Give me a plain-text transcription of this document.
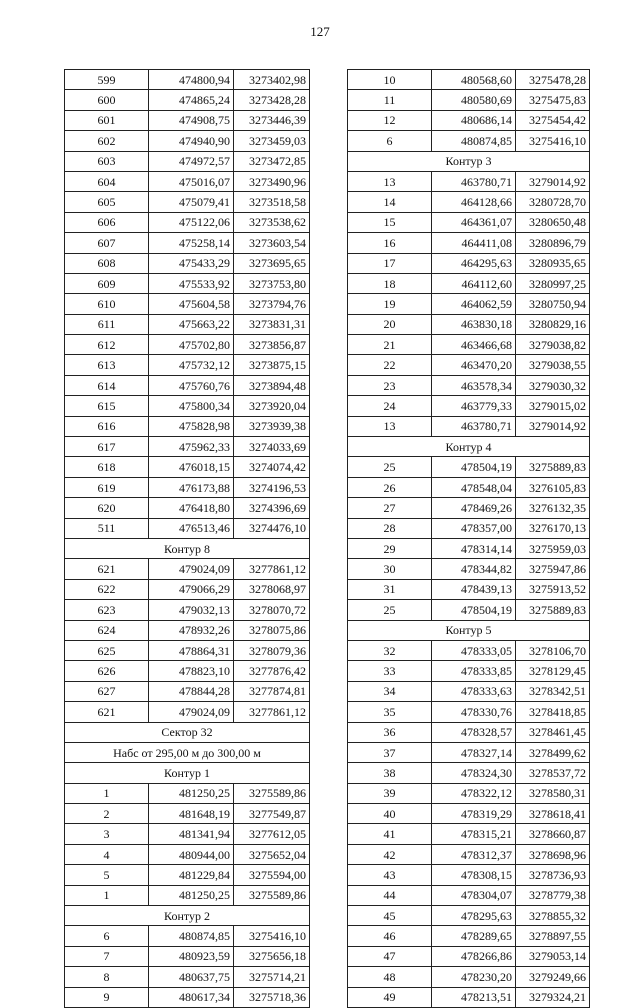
127
599	474800,94	3273402,98
600	474865,24	3273428,28
601	474908,75	3273446,39
602	474940,90	3273459,03
603	474972,57	3273472,85
604	475016,07	3273490,96
605	475079,41	3273518,58
606	475122,06	3273538,62
607	475258,14	3273603,54
608	475433,29	3273695,65
609	475533,92	3273753,80
610	475604,58	3273794,76
611	475663,22	3273831,31
612	475702,80	3273856,87
613	475732,12	3273875,15
614	475760,76	3273894,48
615	475800,34	3273920,04
616	475828,98	3273939,38
617	475962,33	3274033,69
618	476018,15	3274074,42
619	476173,88	3274196,53
620	476418,80	3274396,69
511	476513,46	3274476,10
Контур 8		
621	479024,09	3277861,12
622	479066,29	3278068,97
623	479032,13	3278070,72
624	478932,26	3278075,86
625	478864,31	3278079,36
626	478823,10	3277876,42
627	478844,28	3277874,81
621	479024,09	3277861,12
Сектор 32		
Набс от 295,00 м до 300,00 м		
Контур 1		
1	481250,25	3275589,86
2	481648,19	3277549,87
3	481341,94	3277612,05
4	480944,00	3275652,04
5	481229,84	3275594,00
1	481250,25	3275589,86
Контур 2		
6	480874,85	3275416,10
7	480923,59	3275656,18
8	480637,75	3275714,21
9	480617,34	3275718,36
10	480568,60	3275478,28
11	480580,69	3275475,83
12	480686,14	3275454,42
6	480874,85	3275416,10
Контур 3		
13	463780,71	3279014,92
14	464128,66	3280728,70
15	464361,07	3280650,48
16	464411,08	3280896,79
17	464295,63	3280935,65
18	464112,60	3280997,25
19	464062,59	3280750,94
20	463830,18	3280829,16
21	463466,68	3279038,82
22	463470,20	3279038,55
23	463578,34	3279030,32
24	463779,33	3279015,02
13	463780,71	3279014,92
Контур 4		
25	478504,19	3275889,83
26	478548,04	3276105,83
27	478469,26	3276132,35
28	478357,00	3276170,13
29	478314,14	3275959,03
30	478344,82	3275947,86
31	478439,13	3275913,52
25	478504,19	3275889,83
Контур 5		
32	478333,05	3278106,70
33	478333,85	3278129,45
34	478333,63	3278342,51
35	478330,76	3278418,85
36	478328,57	3278461,45
37	478327,14	3278499,62
38	478324,30	3278537,72
39	478322,12	3278580,31
40	478319,29	3278618,41
41	478315,21	3278660,87
42	478312,37	3278698,96
43	478308,15	3278736,93
44	478304,07	3278779,38
45	478295,63	3278855,32
46	478289,65	3278897,55
47	478266,86	3279053,14
48	478230,20	3279249,66
49	478213,51	3279324,21
